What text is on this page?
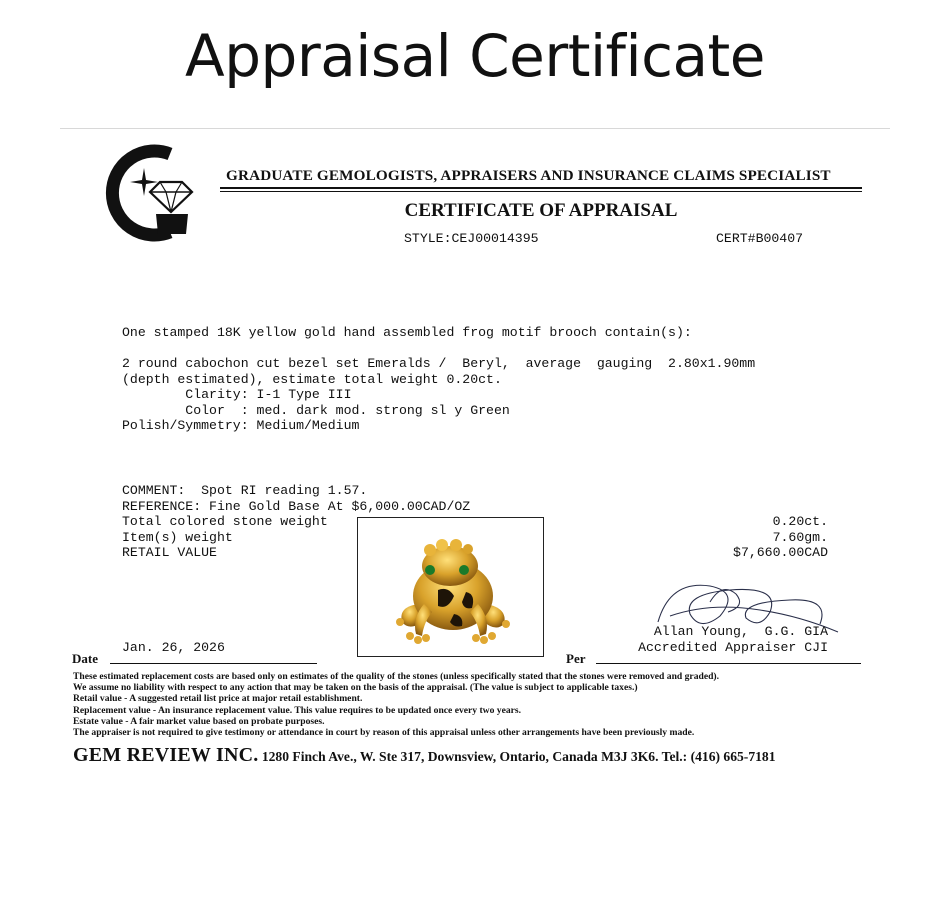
Appraisal Certificate
GRADUATE GEMOLOGISTS, APPRAISERS AND INSURANCE CLAIMS SPECIALIST
CERTIFICATE OF APPRAISAL
STYLE:CEJ00014395	CERT#B00407
One stamped 18K yellow gold hand assembled frog motif brooch contain(s):
2 round cabochon cut bezel set Emeralds /  Beryl,  average  gauging  2.80x1.90mm
(depth estimated), estimate total weight 0.20ct.
Clarity: I-1 Type III
Color  : med. dark mod. strong sl y Green
Polish/Symmetry: Medium/Medium
COMMENT:  Spot RI reading 1.57.
REFERENCE: Fine Gold Base At $6,000.00CAD/OZ
Total colored stone weight
Item(s) weight
RETAIL VALUE
0.20ct.
7.60gm.
$7,660.00CAD
Allan Young,  G.G. GIA
Accredited Appraiser CJI
Date
Jan. 26, 2026
Per
These estimated replacement costs are based only on estimates of the quality of the stones (unless specifically stated that the stones were removed and graded).
We assume no liability with respect to any action that may be taken on the basis of the appraisal. (The value is subject to applicable taxes.)
Retail value - A suggested retail list price at major retail establishment.
Replacement value - An insurance replacement value. This value requires to be updated once every two years.
Estate value - A fair market value based on probate purposes.
The appraiser is not required to give testimony or attendance in court by reason of this appraisal unless other arrangements have been previously made.
GEM REVIEW INC. 1280 Finch Ave., W. Ste 317, Downsview, Ontario, Canada M3J 3K6. Tel.: (416) 665-7181
